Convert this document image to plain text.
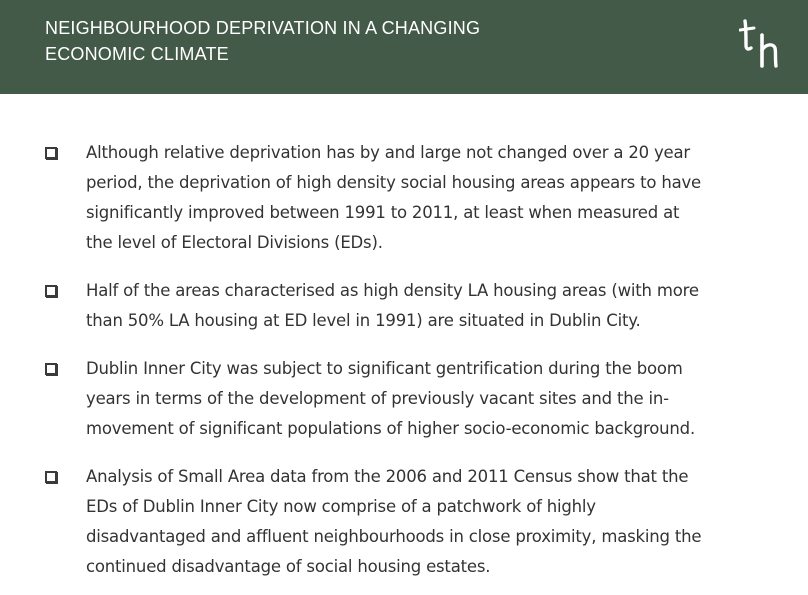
NEIGHBOURHOOD DEPRIVATION IN A CHANGING
ECONOMIC CLIMATE
Although relative deprivation has by and large not changed over a 20 year
period, the deprivation of high density social housing areas appears to have
significantly improved between 1991 to 2011, at least when measured at
the level of Electoral Divisions (EDs).
Half of the areas characterised as high density LA housing areas (with more
than 50% LA housing at ED level in 1991) are situated in Dublin City.
Dublin Inner City was subject to significant gentrification during the boom
years in terms of the development of previously vacant sites and the in-
movement of significant populations of higher socio-economic background.
Analysis of Small Area data from the 2006 and 2011 Census show that the
EDs of Dublin Inner City now comprise of a patchwork of highly
disadvantaged and affluent neighbourhoods in close proximity, masking the
continued disadvantage of social housing estates.
